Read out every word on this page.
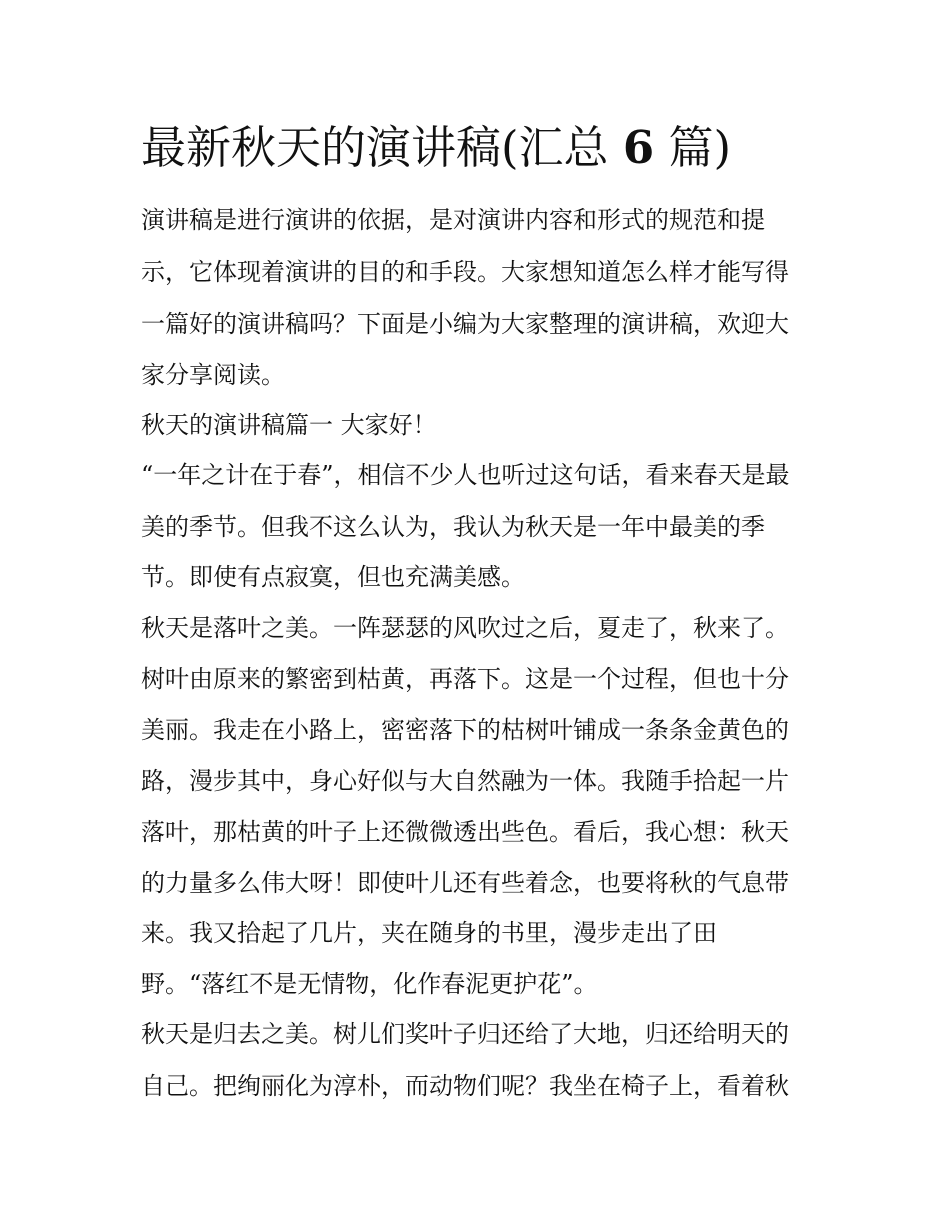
最新秋天的演讲稿(汇总 6 篇)

演讲稿是进行演讲的依据，是对演讲内容和形式的规范和提

示，它体现着演讲的目的和手段。大家想知道怎么样才能写得

一篇好的演讲稿吗？下面是小编为大家整理的演讲稿，欢迎大

家分享阅读。

秋天的演讲稿篇一 大家好！

“一年之计在于春”，相信不少人也听过这句话，看来春天是最

美的季节。但我不这么认为，我认为秋天是一年中最美的季

节。即使有点寂寞，但也充满美感。

秋天是落叶之美。一阵瑟瑟的风吹过之后，夏走了，秋来了。

树叶由原来的繁密到枯黄，再落下。这是一个过程，但也十分

美丽。我走在小路上，密密落下的枯树叶铺成一条条金黄色的

路，漫步其中，身心好似与大自然融为一体。我随手拾起一片

落叶，那枯黄的叶子上还微微透出些色。看后，我心想：秋天

的力量多么伟大呀！即使叶儿还有些着念，也要将秋的气息带

来。我又拾起了几片，夹在随身的书里，漫步走出了田

野。“落红不是无情物，化作春泥更护花”。

秋天是归去之美。树儿们奖叶子归还给了大地，归还给明天的

自己。把绚丽化为淳朴，而动物们呢？我坐在椅子上，看着秋
